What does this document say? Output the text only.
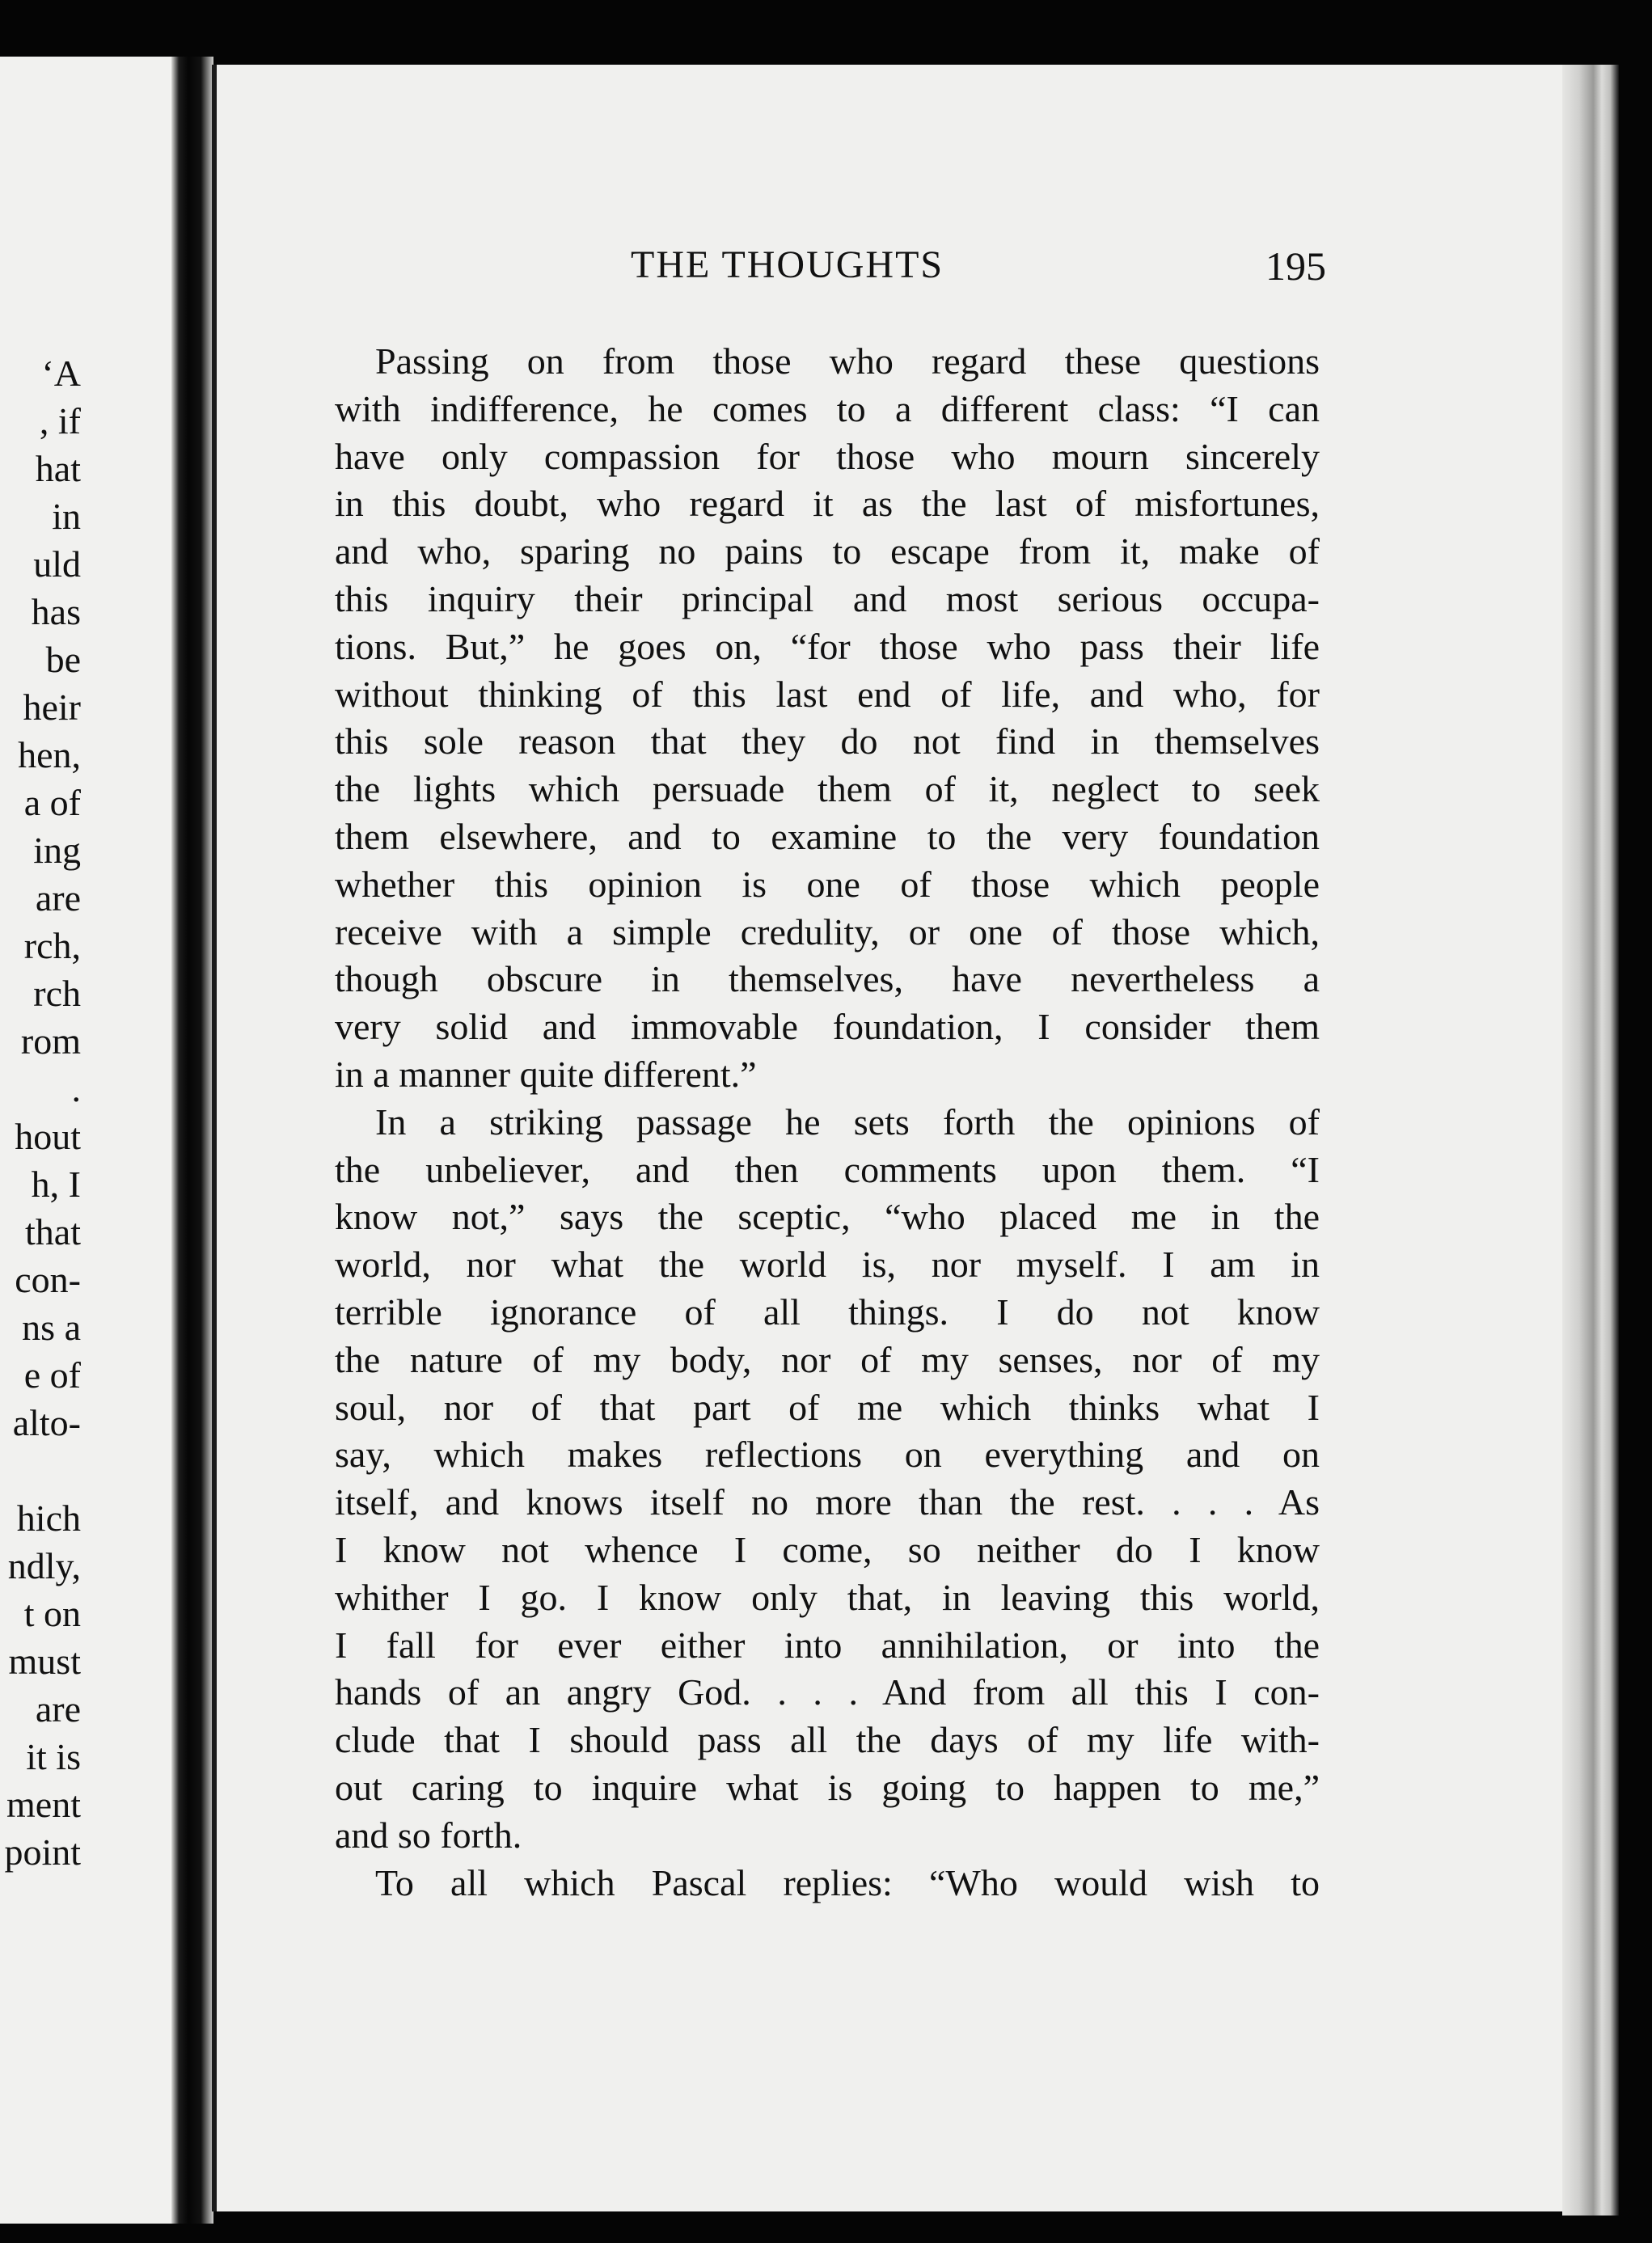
‘A
, if
hat
in
uld
has
be
heir
hen,
a of
ing
are
rch,
rch
rom
.
hout
h, I
that
con-
ns a
e of
alto-
hich
ndly,
t on
must
are
it is
ment
point
THE THOUGHTS	195
Passing on from those who regard these questions
with indifference, he comes to a different class: “I can
have only compassion for those who mourn sincerely
in this doubt, who regard it as the last of misfortunes,
and who, sparing no pains to escape from it, make of
this inquiry their principal and most serious occupa-
tions. But,” he goes on, “for those who pass their life
without thinking of this last end of life, and who, for
this sole reason that they do not find in themselves
the lights which persuade them of it, neglect to seek
them elsewhere, and to examine to the very foundation
whether this opinion is one of those which people
receive with a simple credulity, or one of those which,
though obscure in themselves, have nevertheless a
very solid and immovable foundation, I consider them
in a manner quite different.”
In a striking passage he sets forth the opinions of
the unbeliever, and then comments upon them. “I
know not,” says the sceptic, “who placed me in the
world, nor what the world is, nor myself. I am in
terrible ignorance of all things. I do not know
the nature of my body, nor of my senses, nor of my
soul, nor of that part of me which thinks what I
say, which makes reflections on everything and on
itself, and knows itself no more than the rest. . . . As
I know not whence I come, so neither do I know
whither I go. I know only that, in leaving this world,
I fall for ever either into annihilation, or into the
hands of an angry God. . . . And from all this I con-
clude that I should pass all the days of my life with-
out caring to inquire what is going to happen to me,”
and so forth.
To all which Pascal replies: “Who would wish to
